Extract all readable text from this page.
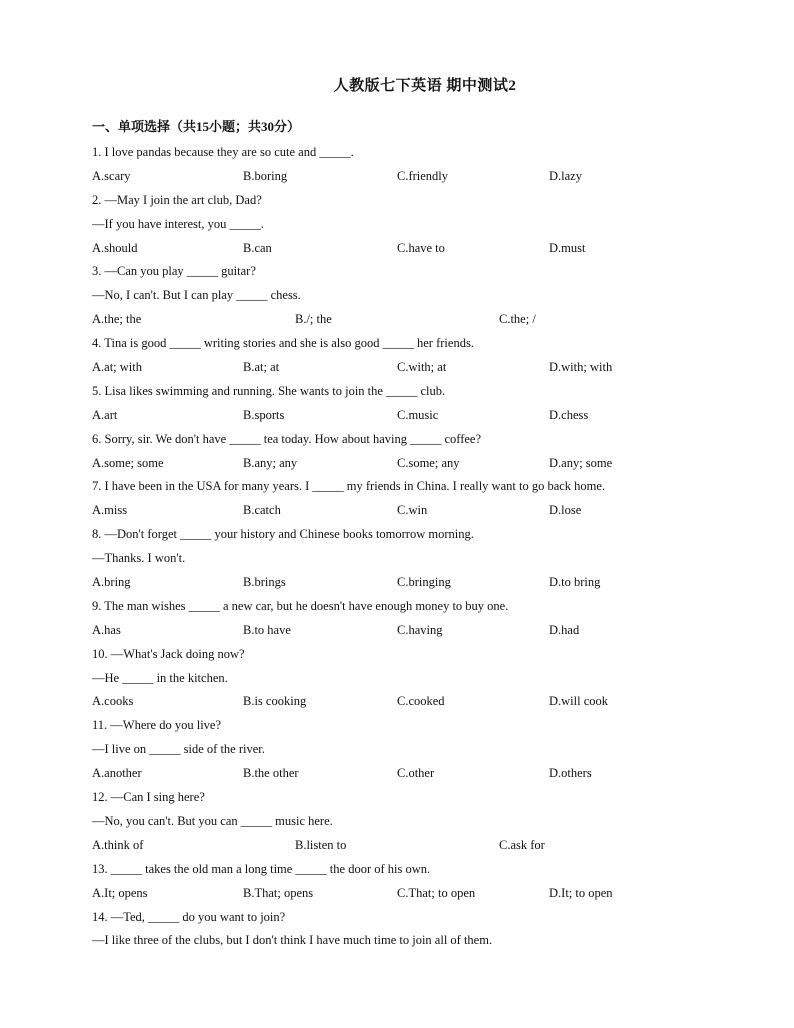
人教版七下英语 期中测试2
一、单项选择（共15小题；共30分）
1. I love pandas because they are so cute and _____.
A.scary	B.boring	C.friendly	D.lazy
2. —May I join the art club, Dad?
—If you have interest, you _____.
A.should	B.can	C.have to	D.must
3. —Can you play _____ guitar?
—No, I can't. But I can play _____ chess.
A.the; the	B./; the	C.the; /
4. Tina is good _____ writing stories and she is also good _____ her friends.
A.at; with	B.at; at	C.with; at	D.with; with
5. Lisa likes swimming and running. She wants to join the _____ club.
A.art	B.sports	C.music	D.chess
6. Sorry, sir. We don't have _____ tea today. How about having _____ coffee?
A.some; some	B.any; any	C.some; any	D.any; some
7. I have been in the USA for many years. I _____ my friends in China. I really want to go back home.
A.miss	B.catch	C.win	D.lose
8. —Don't forget _____ your history and Chinese books tomorrow morning.
—Thanks. I won't.
A.bring	B.brings	C.bringing	D.to bring
9. The man wishes _____ a new car, but he doesn't have enough money to buy one.
A.has	B.to have	C.having	D.had
10. —What's Jack doing now?
—He _____ in the kitchen.
A.cooks	B.is cooking	C.cooked	D.will cook
11. —Where do you live?
—I live on _____ side of the river.
A.another	B.the other	C.other	D.others
12. —Can I sing here?
—No, you can't. But you can _____ music here.
A.think of	B.listen to	C.ask for
13. _____ takes the old man a long time _____ the door of his own.
A.It; opens	B.That; opens	C.That; to open	D.It; to open
14. —Ted, _____ do you want to join?
—I like three of the clubs, but I don't think I have much time to join all of them.
